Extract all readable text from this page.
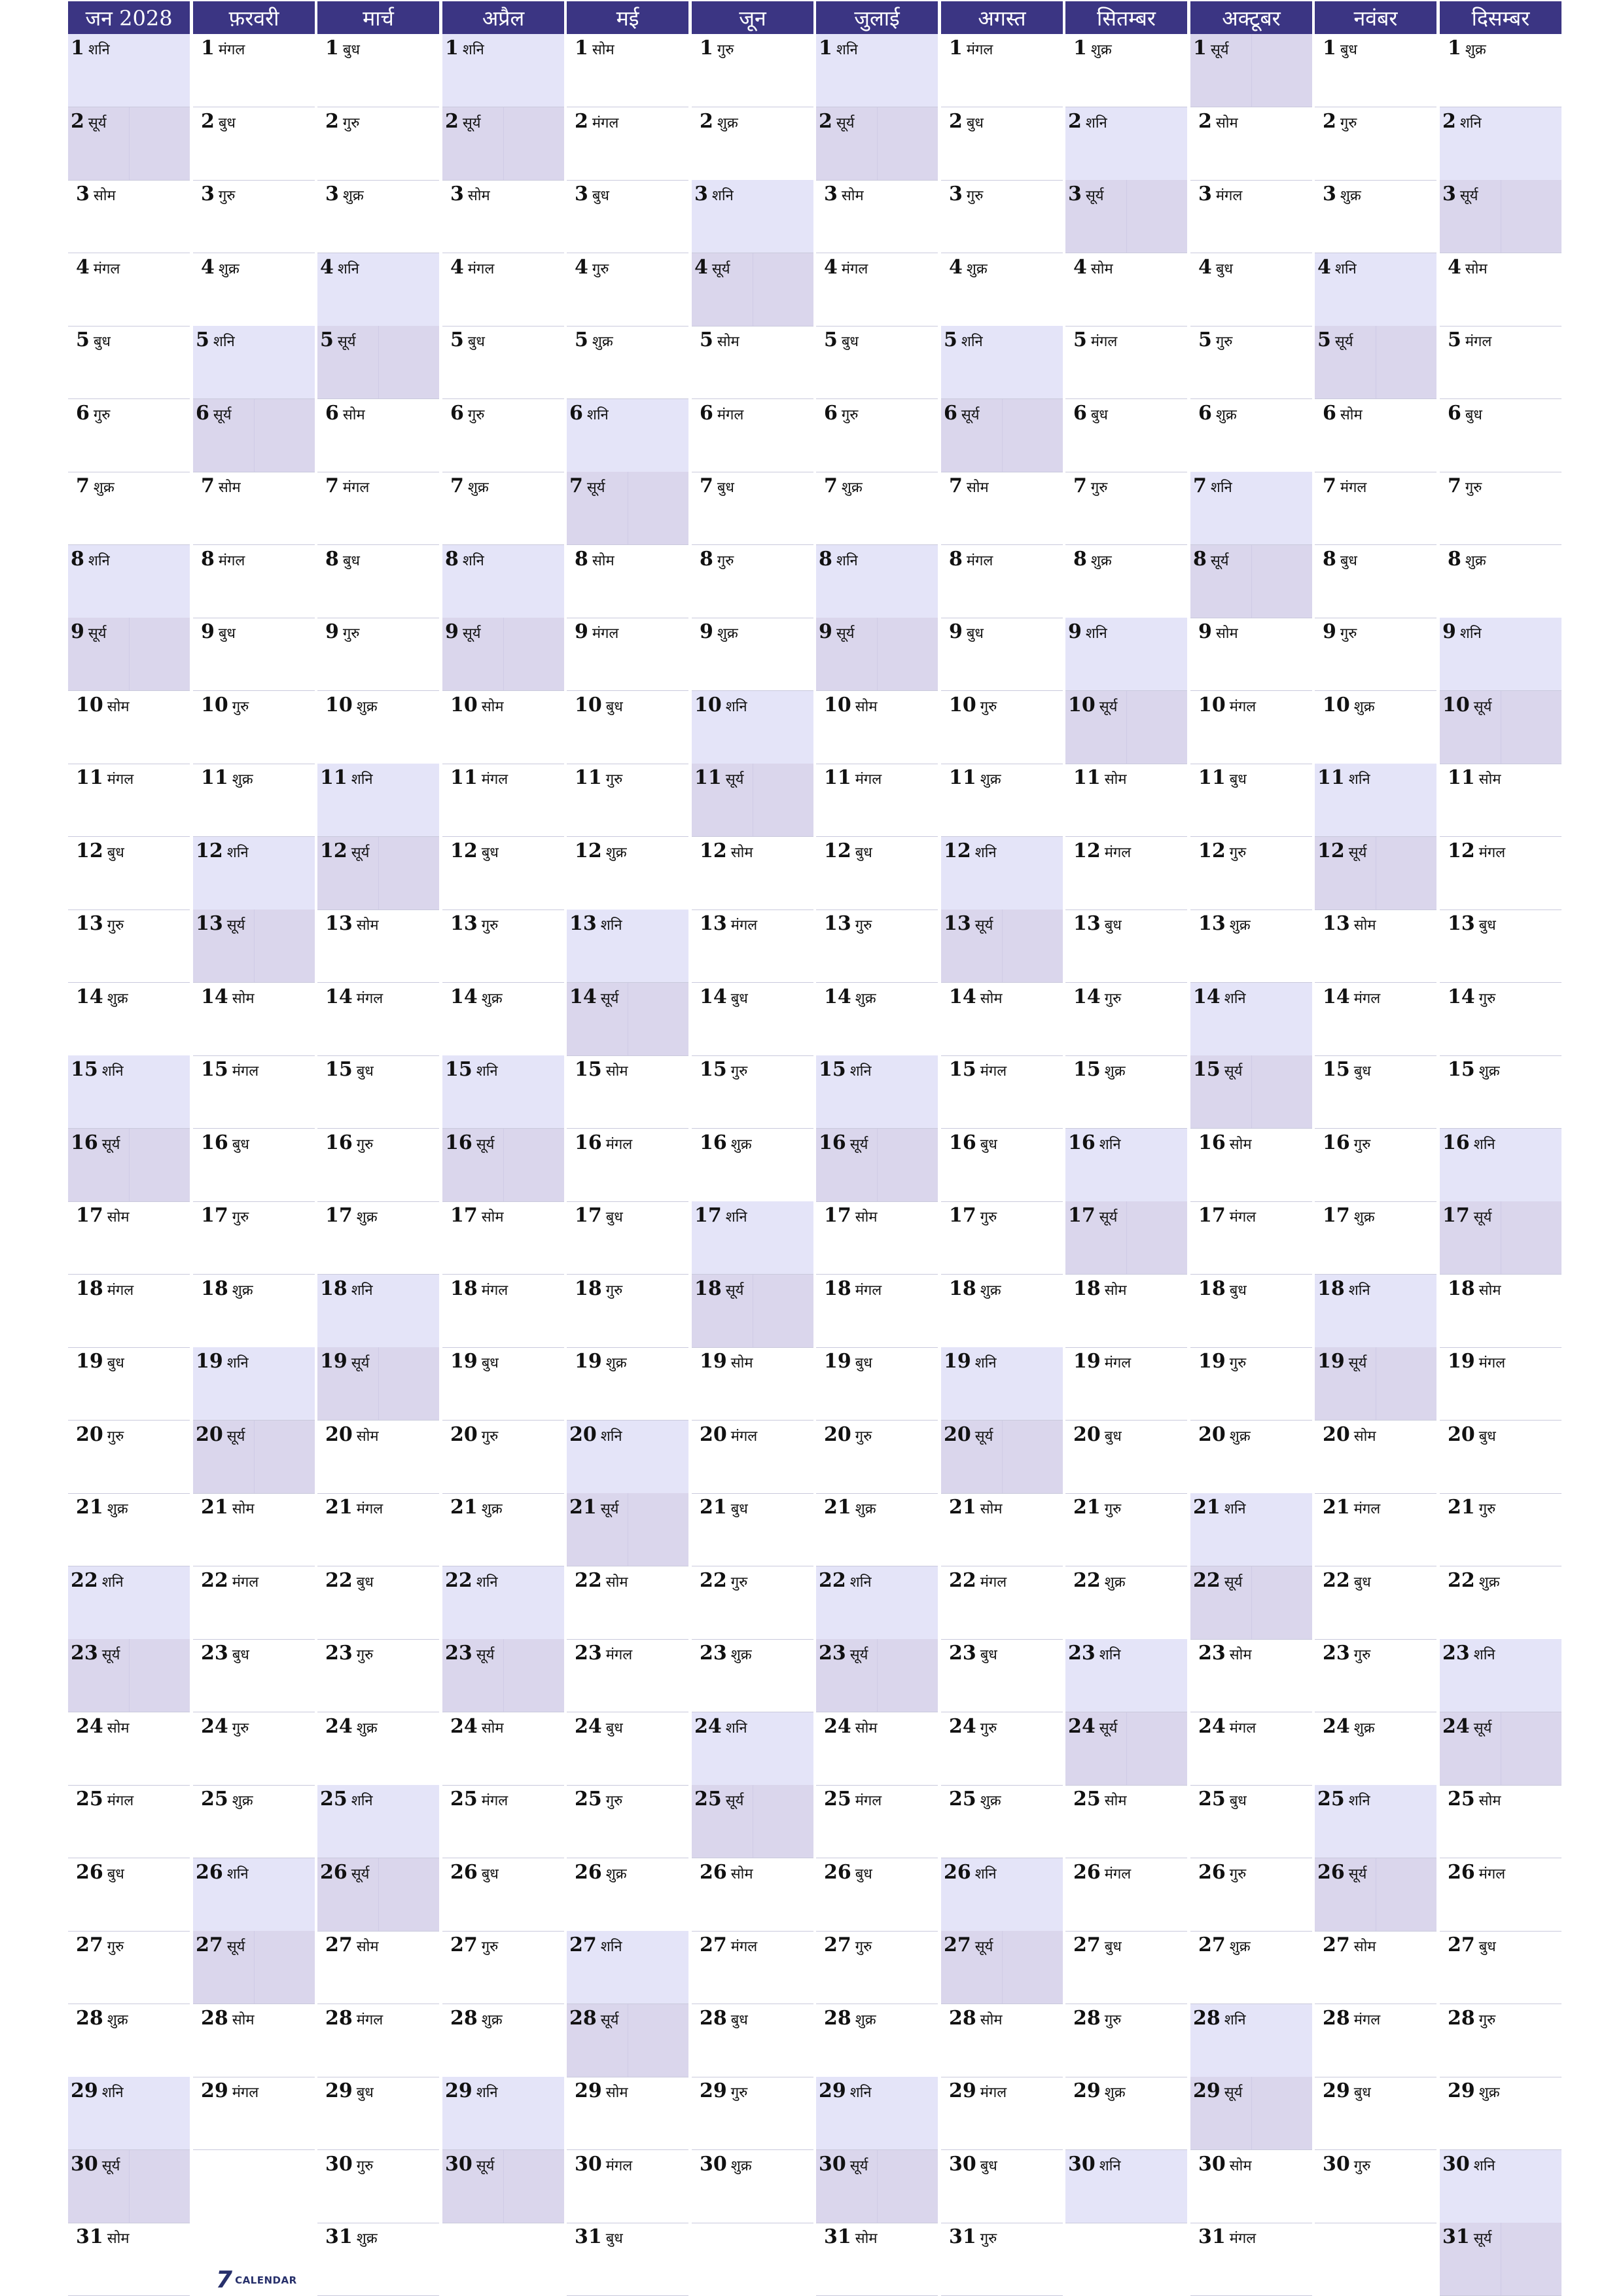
जन 2028
1 शनि
2 सूर्य
3 सोम
4 मंगल
5 बुध
6 गुरु
7 शुक्र
8 शनि
9 सूर्य
10 सोम
11 मंगल
12 बुध
13 गुरु
14 शुक्र
15 शनि
16 सूर्य
17 सोम
18 मंगल
19 बुध
20 गुरु
21 शुक्र
22 शनि
23 सूर्य
24 सोम
25 मंगल
26 बुध
27 गुरु
28 शुक्र
29 शनि
30 सूर्य
31 सोम
फ़रवरी
1 मंगल
2 बुध
3 गुरु
4 शुक्र
5 शनि
6 सूर्य
7 सोम
8 मंगल
9 बुध
10 गुरु
11 शुक्र
12 शनि
13 सूर्य
14 सोम
15 मंगल
16 बुध
17 गुरु
18 शुक्र
19 शनि
20 सूर्य
21 सोम
22 मंगल
23 बुध
24 गुरु
25 शुक्र
26 शनि
27 सूर्य
28 सोम
29 मंगल
मार्च
1 बुध
2 गुरु
3 शुक्र
4 शनि
5 सूर्य
6 सोम
7 मंगल
8 बुध
9 गुरु
10 शुक्र
11 शनि
12 सूर्य
13 सोम
14 मंगल
15 बुध
16 गुरु
17 शुक्र
18 शनि
19 सूर्य
20 सोम
21 मंगल
22 बुध
23 गुरु
24 शुक्र
25 शनि
26 सूर्य
27 सोम
28 मंगल
29 बुध
30 गुरु
31 शुक्र
अप्रैल
1 शनि
2 सूर्य
3 सोम
4 मंगल
5 बुध
6 गुरु
7 शुक्र
8 शनि
9 सूर्य
10 सोम
11 मंगल
12 बुध
13 गुरु
14 शुक्र
15 शनि
16 सूर्य
17 सोम
18 मंगल
19 बुध
20 गुरु
21 शुक्र
22 शनि
23 सूर्य
24 सोम
25 मंगल
26 बुध
27 गुरु
28 शुक्र
29 शनि
30 सूर्य
मई
1 सोम
2 मंगल
3 बुध
4 गुरु
5 शुक्र
6 शनि
7 सूर्य
8 सोम
9 मंगल
10 बुध
11 गुरु
12 शुक्र
13 शनि
14 सूर्य
15 सोम
16 मंगल
17 बुध
18 गुरु
19 शुक्र
20 शनि
21 सूर्य
22 सोम
23 मंगल
24 बुध
25 गुरु
26 शुक्र
27 शनि
28 सूर्य
29 सोम
30 मंगल
31 बुध
जून
1 गुरु
2 शुक्र
3 शनि
4 सूर्य
5 सोम
6 मंगल
7 बुध
8 गुरु
9 शुक्र
10 शनि
11 सूर्य
12 सोम
13 मंगल
14 बुध
15 गुरु
16 शुक्र
17 शनि
18 सूर्य
19 सोम
20 मंगल
21 बुध
22 गुरु
23 शुक्र
24 शनि
25 सूर्य
26 सोम
27 मंगल
28 बुध
29 गुरु
30 शुक्र
जुलाई
1 शनि
2 सूर्य
3 सोम
4 मंगल
5 बुध
6 गुरु
7 शुक्र
8 शनि
9 सूर्य
10 सोम
11 मंगल
12 बुध
13 गुरु
14 शुक्र
15 शनि
16 सूर्य
17 सोम
18 मंगल
19 बुध
20 गुरु
21 शुक्र
22 शनि
23 सूर्य
24 सोम
25 मंगल
26 बुध
27 गुरु
28 शुक्र
29 शनि
30 सूर्य
31 सोम
अगस्त
1 मंगल
2 बुध
3 गुरु
4 शुक्र
5 शनि
6 सूर्य
7 सोम
8 मंगल
9 बुध
10 गुरु
11 शुक्र
12 शनि
13 सूर्य
14 सोम
15 मंगल
16 बुध
17 गुरु
18 शुक्र
19 शनि
20 सूर्य
21 सोम
22 मंगल
23 बुध
24 गुरु
25 शुक्र
26 शनि
27 सूर्य
28 सोम
29 मंगल
30 बुध
31 गुरु
सितम्बर
1 शुक्र
2 शनि
3 सूर्य
4 सोम
5 मंगल
6 बुध
7 गुरु
8 शुक्र
9 शनि
10 सूर्य
11 सोम
12 मंगल
13 बुध
14 गुरु
15 शुक्र
16 शनि
17 सूर्य
18 सोम
19 मंगल
20 बुध
21 गुरु
22 शुक्र
23 शनि
24 सूर्य
25 सोम
26 मंगल
27 बुध
28 गुरु
29 शुक्र
30 शनि
अक्टूबर
1 सूर्य
2 सोम
3 मंगल
4 बुध
5 गुरु
6 शुक्र
7 शनि
8 सूर्य
9 सोम
10 मंगल
11 बुध
12 गुरु
13 शुक्र
14 शनि
15 सूर्य
16 सोम
17 मंगल
18 बुध
19 गुरु
20 शुक्र
21 शनि
22 सूर्य
23 सोम
24 मंगल
25 बुध
26 गुरु
27 शुक्र
28 शनि
29 सूर्य
30 सोम
31 मंगल
नवंबर
1 बुध
2 गुरु
3 शुक्र
4 शनि
5 सूर्य
6 सोम
7 मंगल
8 बुध
9 गुरु
10 शुक्र
11 शनि
12 सूर्य
13 सोम
14 मंगल
15 बुध
16 गुरु
17 शुक्र
18 शनि
19 सूर्य
20 सोम
21 मंगल
22 बुध
23 गुरु
24 शुक्र
25 शनि
26 सूर्य
27 सोम
28 मंगल
29 बुध
30 गुरु
दिसम्बर
1 शुक्र
2 शनि
3 सूर्य
4 सोम
5 मंगल
6 बुध
7 गुरु
8 शुक्र
9 शनि
10 सूर्य
11 सोम
12 मंगल
13 बुध
14 गुरु
15 शुक्र
16 शनि
17 सूर्य
18 सोम
19 मंगल
20 बुध
21 गुरु
22 शुक्र
23 शनि
24 सूर्य
25 सोम
26 मंगल
27 बुध
28 गुरु
29 शुक्र
30 शनि
31 सूर्य
7 CALENDAR
